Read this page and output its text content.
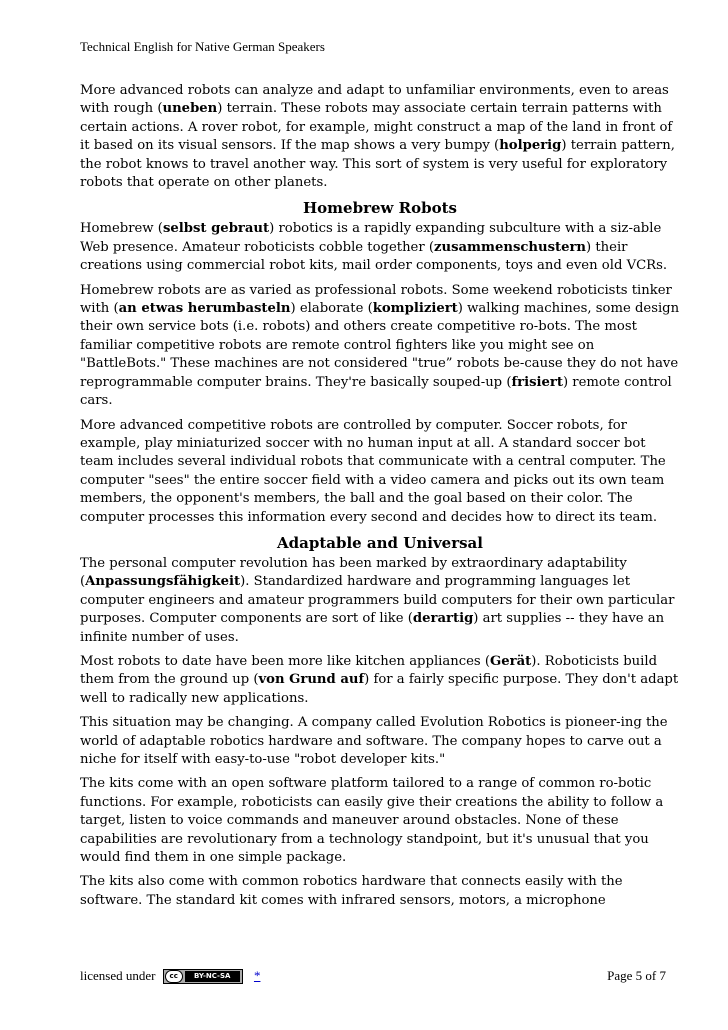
Technical English for Native German Speakers

More advanced robots can analyze and adapt to unfamiliar environments, even to areas with rough (uneben) terrain. These robots may associate certain terrain patterns with certain actions. A rover robot, for example, might construct a map of the land in front of it based on its visual sensors. If the map shows a very bumpy (holperig) terrain pattern, the robot knows to travel another way. This sort of system is very useful for exploratory robots that operate on other planets.

Homebrew Robots

Homebrew (selbst gebraut) robotics is a rapidly expanding subculture with a siz-able Web presence. Amateur roboticists cobble together (zusammenschustern) their creations using commercial robot kits, mail order components, toys and even old VCRs.

Homebrew robots are as varied as professional robots. Some weekend roboticists tinker with (an etwas herumbasteln) elaborate (kompliziert) walking machines, some design their own service bots (i.e. robots) and others create competitive ro-bots. The most familiar competitive robots are remote control fighters like you might see on "BattleBots." These machines are not considered "true” robots be-cause they do not have reprogrammable computer brains. They're basically souped-up (frisiert) remote control cars.

More advanced competitive robots are controlled by computer. Soccer robots, for example, play miniaturized soccer with no human input at all. A standard soccer bot team includes several individual robots that communicate with a central computer. The computer "sees" the entire soccer field with a video camera and picks out its own team members, the opponent's members, the ball and the goal based on their color. The computer processes this information every second and decides how to direct its team.

Adaptable and Universal

The personal computer revolution has been marked by extraordinary adaptability (Anpassungsfähigkeit). Standardized hardware and programming languages let computer engineers and amateur programmers build computers for their own particular purposes. Computer components are sort of like (derartig) art supplies -- they have an infinite number of uses.

Most robots to date have been more like kitchen appliances (Gerät). Roboticists build them from the ground up (von Grund auf) for a fairly specific purpose. They don't adapt well to radically new applications.

This situation may be changing. A company called Evolution Robotics is pioneer-ing the world of adaptable robotics hardware and software. The company hopes to carve out a niche for itself with easy-to-use "robot developer kits."

The kits come with an open software platform tailored to a range of common ro-botic functions. For example, roboticists can easily give their creations the ability to follow a target, listen to voice commands and maneuver around obstacles. None of these capabilities are revolutionary from a technology standpoint, but it's unusual that you would find them in one simple package.

The kits also come with common robotics hardware that connects easily with the software. The standard kit comes with infrared sensors, motors, a microphone

licensed under	cc	BY-NC-SA	*	Page 5 of 7
